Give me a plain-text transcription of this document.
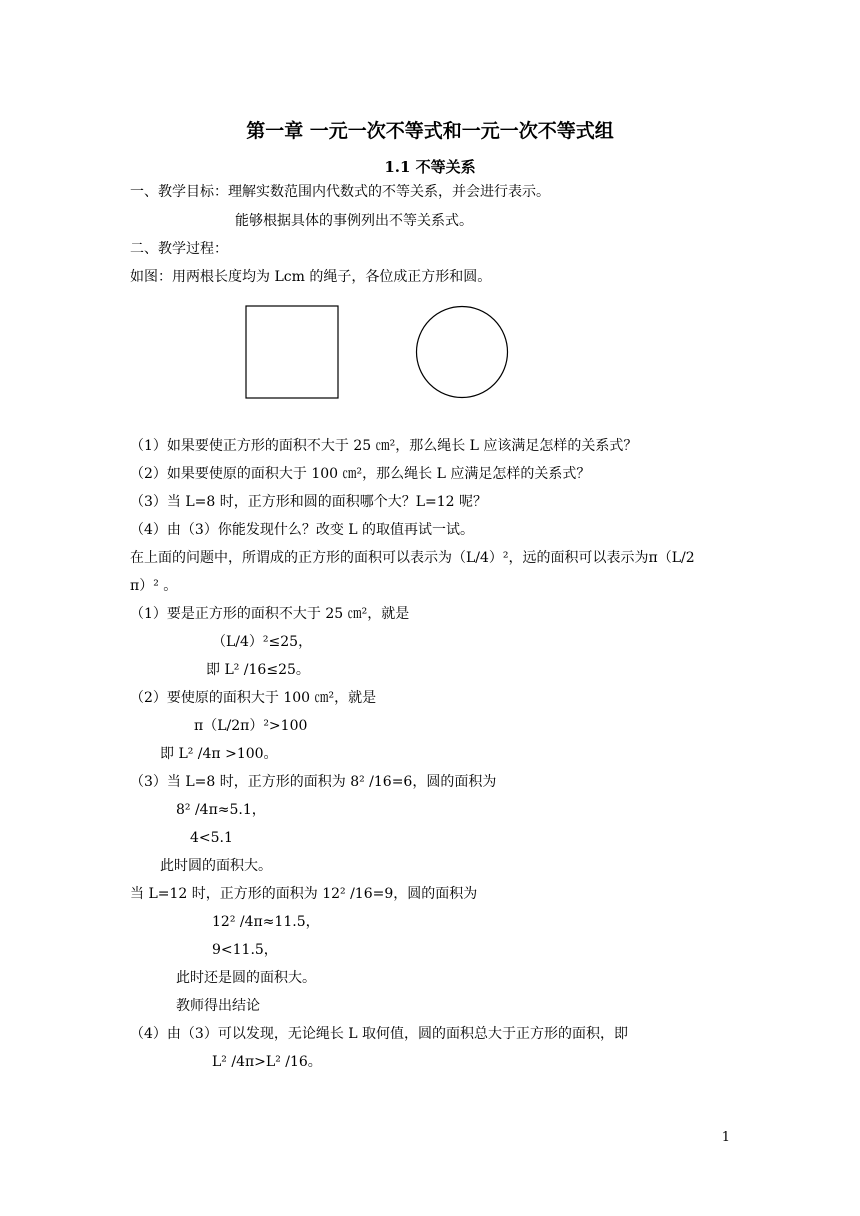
第一章 一元一次不等式和一元一次不等式组
1.1 不等关系
一、教学目标：理解实数范围内代数式的不等关系，并会进行表示。
能够根据具体的事例列出不等关系式。
二、教学过程：
如图：用两根长度均为 Lcm 的绳子，各位成正方形和圆。
（1）如果要使正方形的面积不大于 25 ㎝²，那么绳长 L 应该满足怎样的关系式？
（2）如果要使原的面积大于 100 ㎝²，那么绳长 L 应满足怎样的关系式？
（3）当 L=8 时，正方形和圆的面积哪个大？L=12 呢？
（4）由（3）你能发现什么？改变 L 的取值再试一试。
在上面的问题中，所谓成的正方形的面积可以表示为（L/4）²，远的面积可以表示为π（L/2
π）² 。
（1）要是正方形的面积不大于 25 ㎝²，就是
（L/4）²≤25，
即 L² /16≤25。
（2）要使原的面积大于 100 ㎝²，就是
π（L/2π）²>100
即 L² /4π >100。
（3）当 L=8 时，正方形的面积为 8² /16=6，圆的面积为
8² /4π≈5.1，
4<5.1
此时圆的面积大。
当 L=12 时，正方形的面积为 12² /16=9，圆的面积为
12² /4π≈11.5，
9<11.5，
此时还是圆的面积大。
教师得出结论
（4）由（3）可以发现，无论绳长 L 取何值，圆的面积总大于正方形的面积，即
L² /4π>L² /16。
1
